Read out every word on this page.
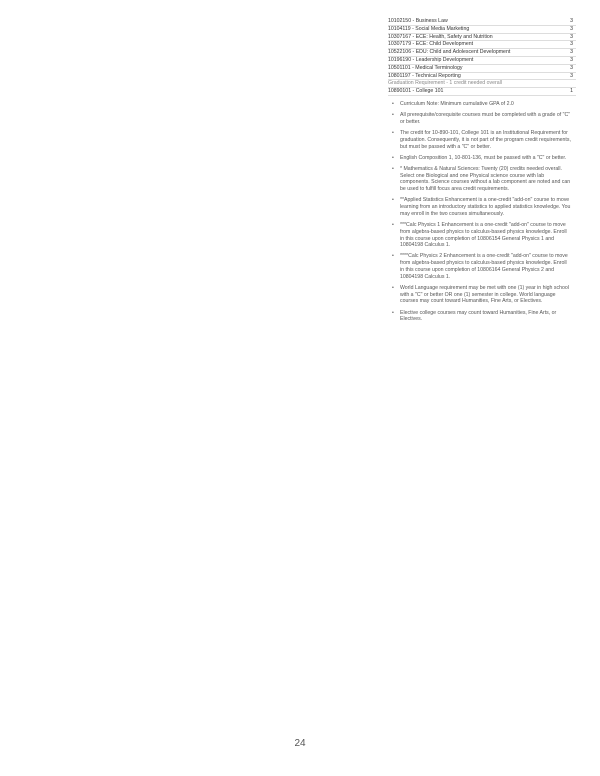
10102150 - Business Law	3
10104119 - Social Media Marketing	3
10307167 - ECE: Health, Safety and Nutrition	3
10307179 - ECE: Child Development	3
10522106 - EDU: Child and Adolescent Development	3
10196190 - Leadership Development	3
10501101 - Medical Terminology	3
10801197 - Technical Reporting	3
Graduation Requirement - 1 credit needed overall
10890101 - College 101	1
• Curriculum Note: Minimum cumulative GPA of 2.0
• All prerequisite/corequisite courses must be completed with a grade of "C" or better.
• The credit for 10-890-101, College 101 is an Institutional Requirement for graduation. Consequently, it is not part of the program credit requirements, but must be passed with a "C" or better.
• English Composition 1, 10-801-136, must be passed with a "C" or better.
• * Mathematics & Natural Sciences: Twenty (20) credits needed overall. Select one Biological and one Physical science course with lab components. Science courses without a lab component are noted and can be used to fulfill focus area credit requirements.
• **Applied Statistics Enhancement is a one-credit "add-on" course to move learning from an introductory statistics to applied statistics knowledge. You may enroll in the two courses simultaneously.
• ***Calc Physics 1 Enhancement is a one-credit "add-on" course to move from algebra-based physics to calculus-based physics knowledge. Enroll in this course upon completion of 10806154 General Physics 1 and 10804198 Calculus 1.
• ****Calc Physics 2 Enhancement is a one-credit "add-on" course to move from algebra-based physics to calculus-based physics knowledge. Enroll in this course upon completion of 10806164 General Physics 2 and 10804198 Calculus 1.
• World Language requirement may be met with one (1) year in high school with a "C" or better OR one (1) semester in college. World language courses may count toward Humanities, Fine Arts, or Electives.
• Elective college courses may count toward Humanities, Fine Arts, or Electives.
24
